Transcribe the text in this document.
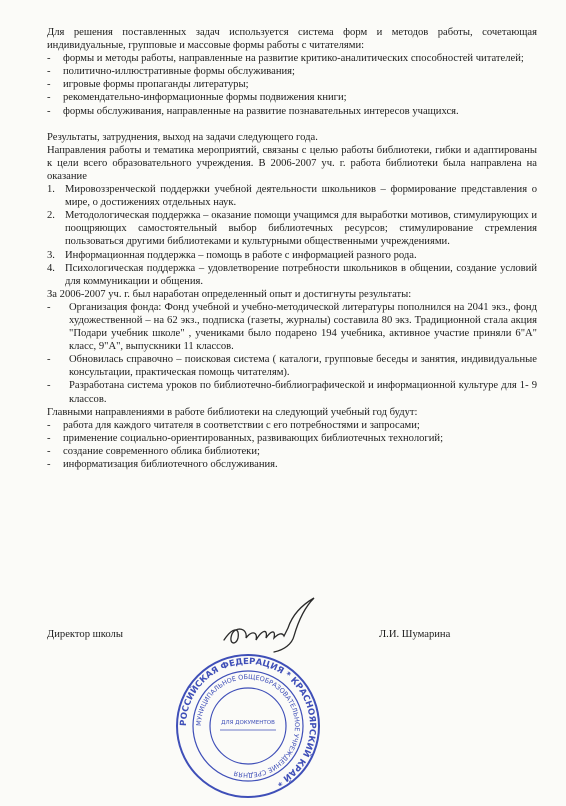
Для решения поставленных задач используется система форм и методов работы, сочетающая индивидуальные, групповые и массовые формы работы с читателями:

- формы и методы работы, направленные на развитие критико-аналитических способностей читателей;
- политично-иллюстративные формы обслуживания;
- игровые формы пропаганды литературы;
- рекомендательно-информационные формы подвижения книги;
- формы обслуживания, направленные на развитие познавательных интересов учащихся.

Результаты, затруднения, выход на задачи следующего года.

Направления работы и тематика мероприятий, связаны с целью работы библиотеки, гибки и адаптированы к цели всего образовательного учреждения. В 2006-2007 уч. г. работа библиотеки была направлена на оказание

1. Мировоззренческой поддержки учебной деятельности школьников – формирование представления о мире, о достижениях отдельных наук.
2. Методологическая поддержка – оказание помощи учащимся для выработки мотивов, стимулирующих и поощряющих самостоятельный выбор библиотечных ресурсов; стимулирование стремления пользоваться другими библиотеками и культурными общественными учреждениями.
3. Информационная поддержка – помощь в работе с информацией разного рода.
4. Психологическая поддержка – удовлетворение потребности школьников в общении, создание условий для коммуникации и общения.

За 2006-2007 уч. г. был наработан определенный опыт и достигнуты результаты:

- Организация фонда: Фонд учебной и учебно-методической литературы пополнился на 2041 экз., фонд художественной – на 62 экз., подписка (газеты, журналы) составила 80 экз. Традиционной стала акция "Подари учебник школе" , учениками было подарено 194 учебника, активное участие приняли 6"А" класс, 9"А", выпускники 11 классов.
- Обновилась справочно – поисковая система ( каталоги, групповые беседы и занятия, индивидуальные консультации, практическая помощь читателям).
- Разработана система уроков по библиотечно-библиографической и информационной культуре для 1- 9 классов.

Главными направлениями в работе библиотеки на следующий учебный год будут:

- работа для каждого читателя в соответствии с его потребностями и запросами;
- применение социально-ориентированных, развивающих библиотечных технологий;
- создание современного облика библиотеки;
- информатизация библиотечного обслуживания.
Директор школы	Л.И. Шумарина
РОССИЙСКАЯ ФЕДЕРАЦИЯ * КРАСНОЯРСКИЙ КРАЙ *
МУНИЦИПАЛЬНОЕ ОБЩЕОБРАЗОВАТЕЛЬНОЕ УЧРЕЖДЕНИЕ СРЕДНЯЯ
ДЛЯ ДОКУМЕНТОВ
